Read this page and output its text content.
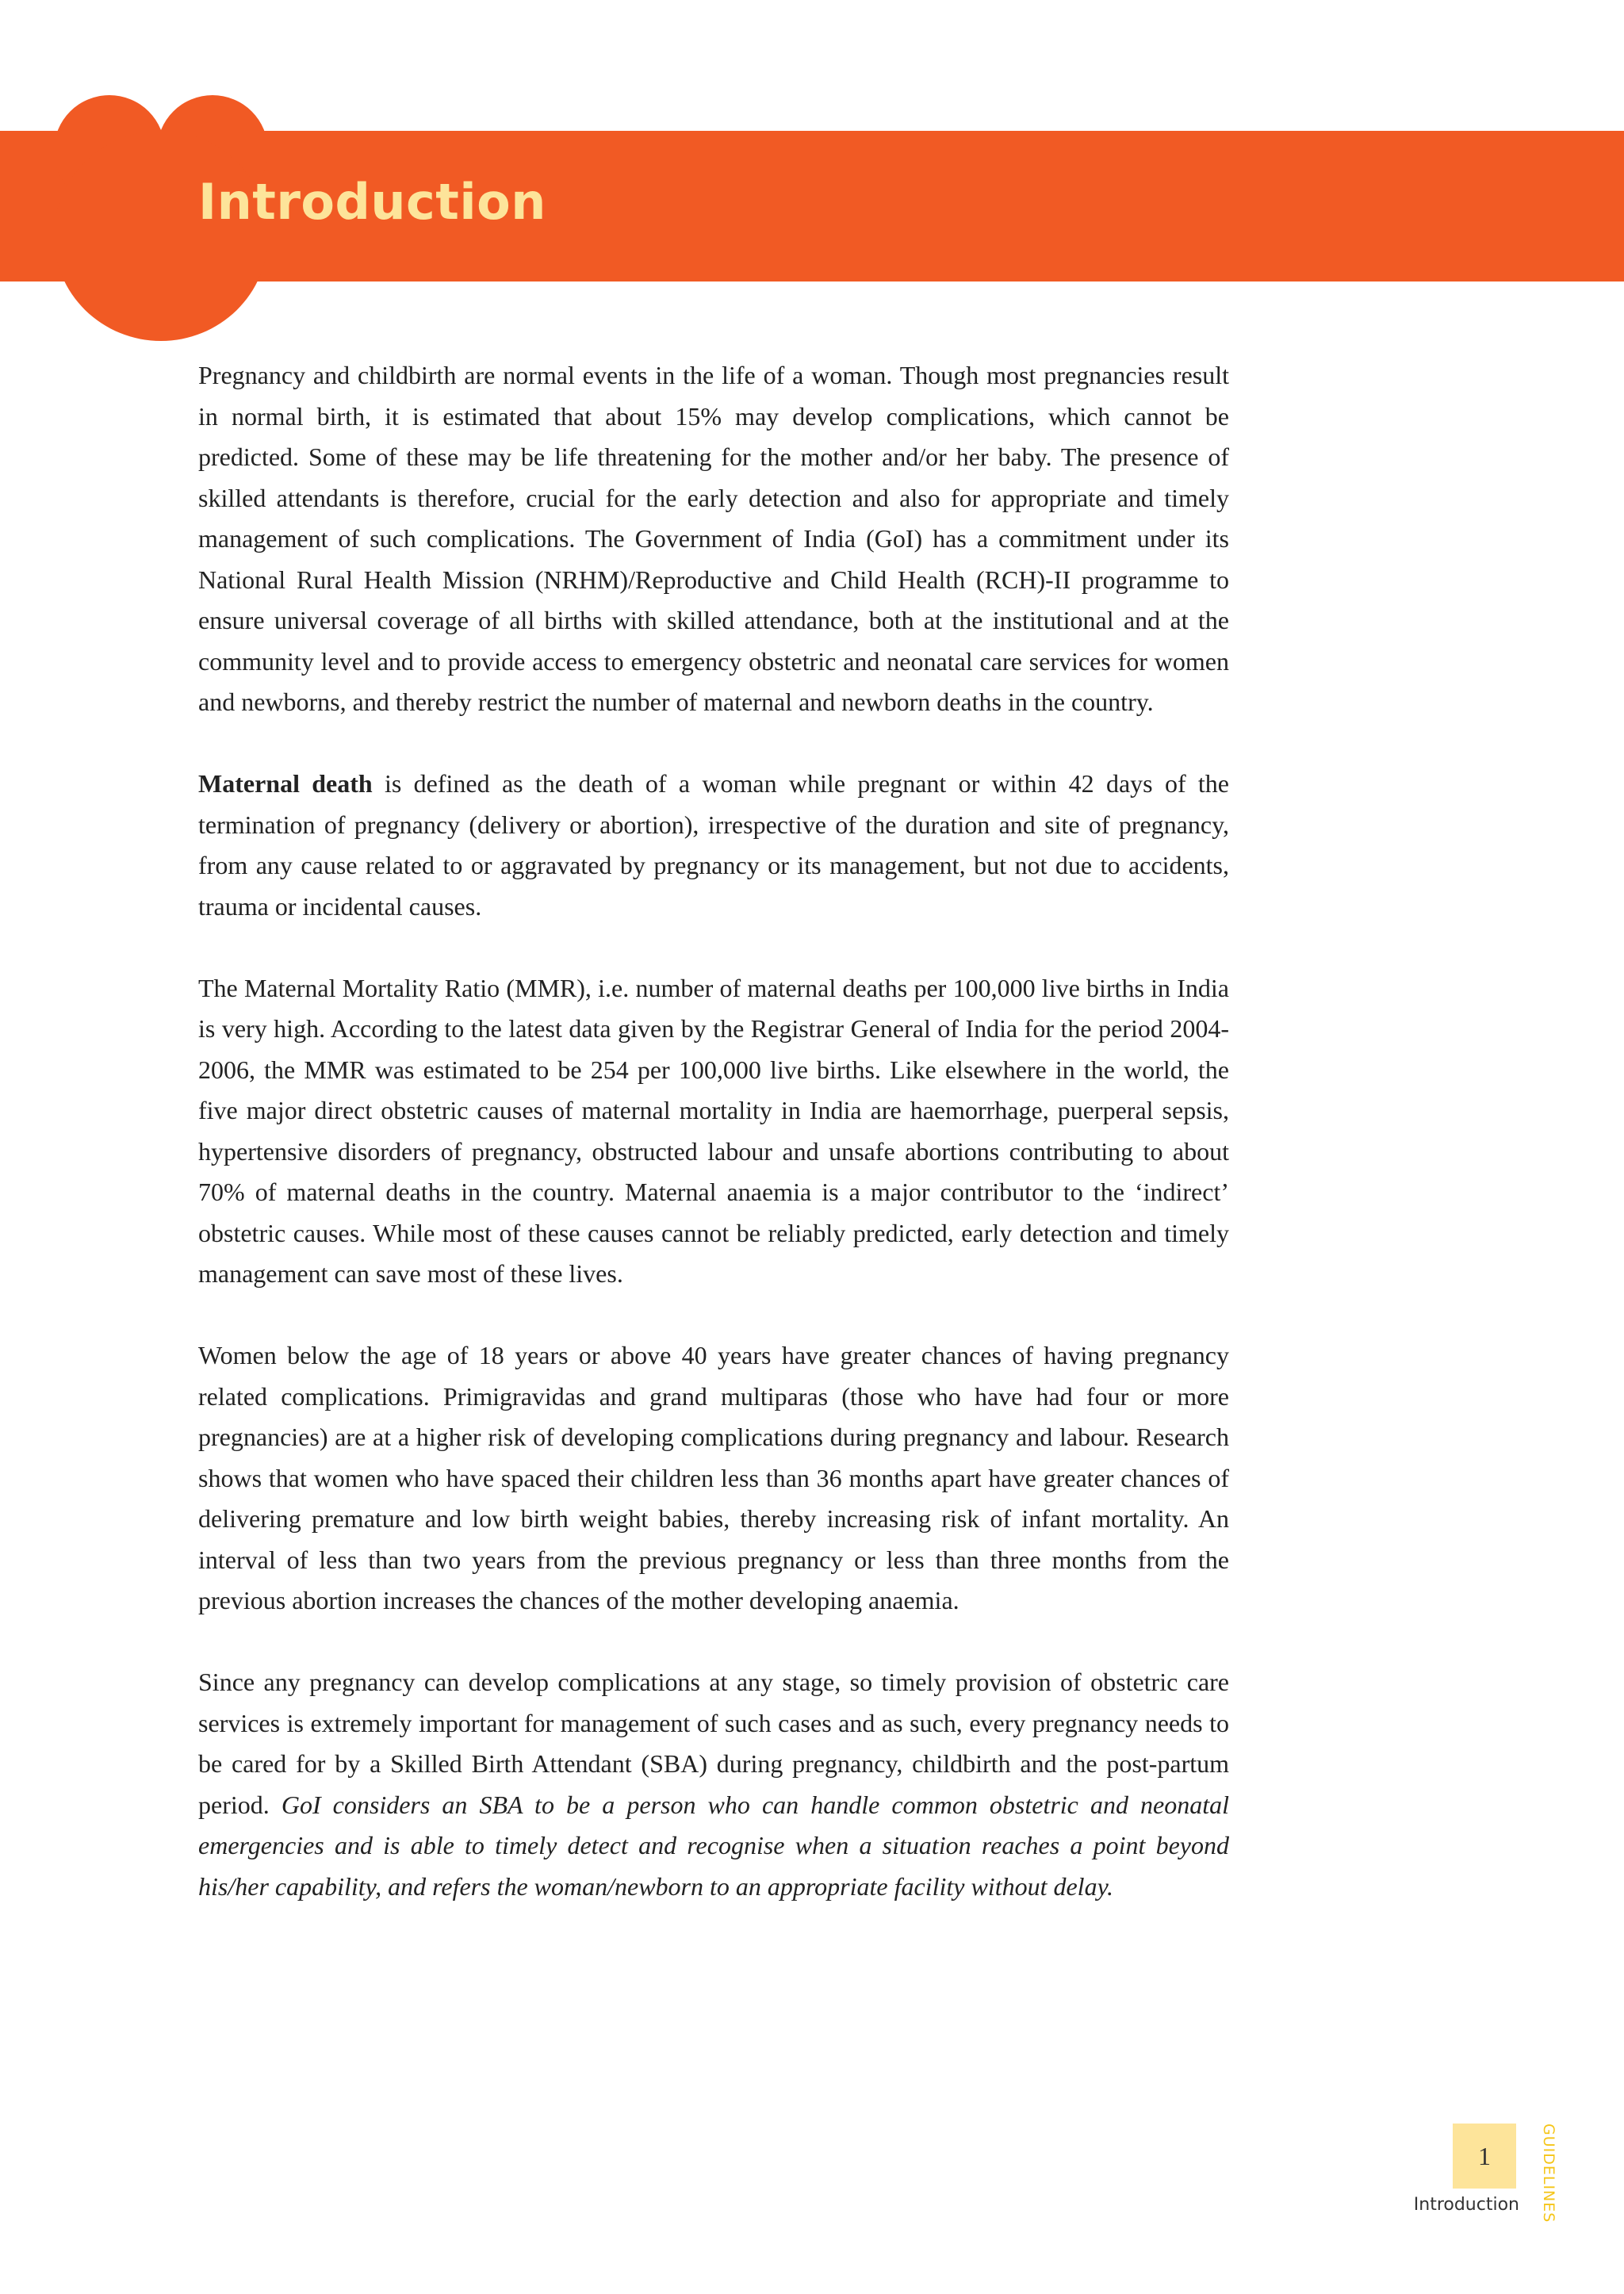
Introduction

Pregnancy and childbirth are normal events in the life of a woman. Though most pregnancies result in normal birth, it is estimated that about 15% may develop complications, which cannot be predicted. Some of these may be life threatening for the mother and/or her baby. The presence of skilled attendants is therefore, crucial for the early detection and also for appropriate and timely management of such complications. The Government of India (GoI) has a commitment under its National Rural Health Mission (NRHM)/Reproductive and Child Health (RCH)-II programme to ensure universal coverage of all births with skilled attendance, both at the institutional and at the community level and to provide access to emergency obstetric and neonatal care services for women and newborns, and thereby restrict the number of maternal and newborn deaths in the country.

Maternal death is defined as the death of a woman while pregnant or within 42 days of the termination of pregnancy (delivery or abortion), irrespective of the duration and site of pregnancy, from any cause related to or aggravated by pregnancy or its management, but not due to accidents, trauma or incidental causes.

The Maternal Mortality Ratio (MMR), i.e. number of maternal deaths per 100,000 live births in India is very high. According to the latest data given by the Registrar General of India for the period 2004-2006, the MMR was estimated to be 254 per 100,000 live births. Like elsewhere in the world, the five major direct obstetric causes of maternal mortality in India are haemorrhage, puerperal sepsis, hypertensive disorders of pregnancy, obstructed labour and unsafe abortions contributing to about 70% of maternal deaths in the country. Maternal anaemia is a major contributor to the ‘indirect’ obstetric causes. While most of these causes cannot be reliably predicted, early detection and timely management can save most of these lives.

Women below the age of 18 years or above 40 years have greater chances of having pregnancy related complications. Primigravidas and grand multiparas (those who have had four or more pregnancies) are at a higher risk of developing complications during pregnancy and labour. Research shows that women who have spaced their children less than 36 months apart have greater chances of delivering premature and low birth weight babies, thereby increasing risk of infant mortality. An interval of less than two years from the previous pregnancy or less than three months from the previous abortion increases the chances of the mother developing anaemia.

Since any pregnancy can develop complications at any stage, so timely provision of obstetric care services is extremely important for management of such cases and as such, every pregnancy needs to be cared for by a Skilled Birth Attendant (SBA) during pregnancy, childbirth and the post-partum period. GoI considers an SBA to be a person who can handle common obstetric and neonatal emergencies and is able to timely detect and recognise when a situation reaches a point beyond his/her capability, and refers the woman/newborn to an appropriate facility without delay.

1
Introduction	GUIDELINES
